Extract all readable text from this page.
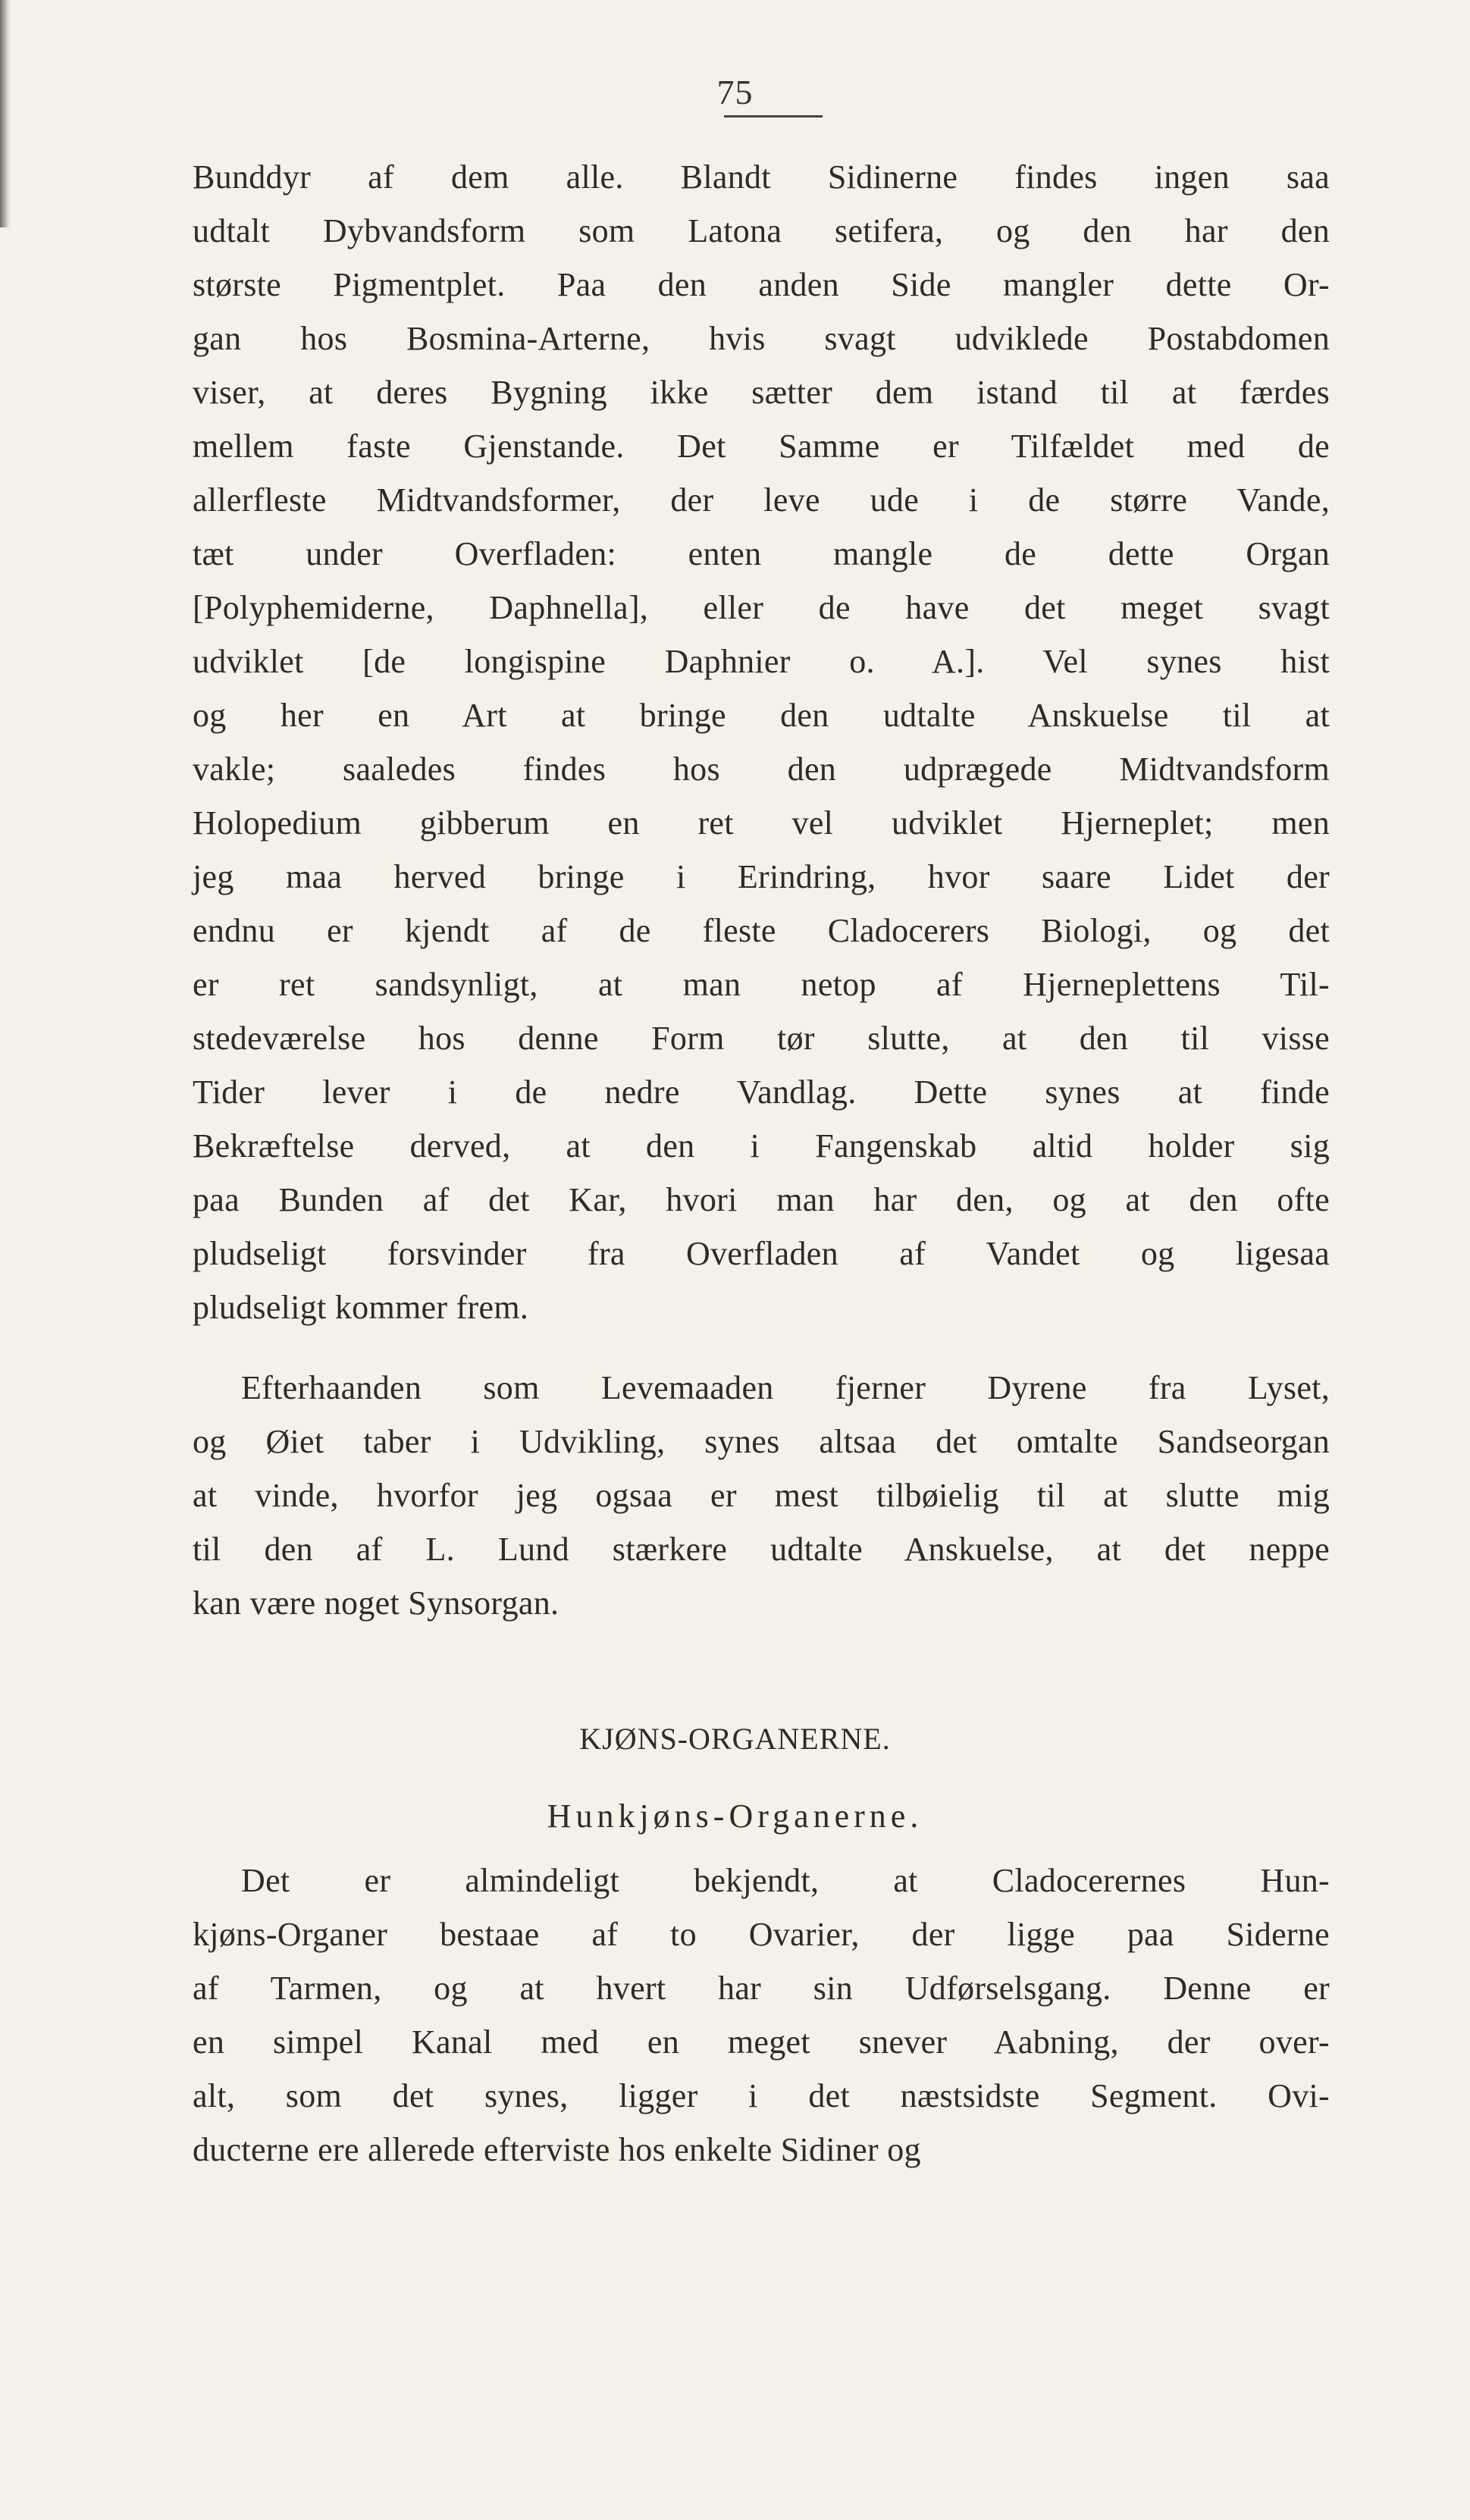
75
Bunddyr af dem alle. Blandt Sidinerne findes ingen saa
udtalt Dybvandsform som Latona setifera, og den har den
største Pigmentplet. Paa den anden Side mangler dette Or-
gan hos Bosmina-Arterne, hvis svagt udviklede Postabdomen
viser, at deres Bygning ikke sætter dem istand til at færdes
mellem faste Gjenstande. Det Samme er Tilfældet med de
allerfleste Midtvandsformer, der leve ude i de større Vande,
tæt under Overfladen: enten mangle de dette Organ
[Polyphemiderne, Daphnella], eller de have det meget svagt
udviklet [de longispine Daphnier o. A.]. Vel synes hist
og her en Art at bringe den udtalte Anskuelse til at
vakle; saaledes findes hos den udprægede Midtvandsform
Holopedium gibberum en ret vel udviklet Hjerneplet; men
jeg maa herved bringe i Erindring, hvor saare Lidet der
endnu er kjendt af de fleste Cladocerers Biologi, og det
er ret sandsynligt, at man netop af Hjerneplettens Til-
stedeværelse hos denne Form tør slutte, at den til visse
Tider lever i de nedre Vandlag. Dette synes at finde
Bekræftelse derved, at den i Fangenskab altid holder sig
paa Bunden af det Kar, hvori man har den, og at den ofte
pludseligt forsvinder fra Overfladen af Vandet og ligesaa
pludseligt kommer frem.
Efterhaanden som Levemaaden fjerner Dyrene fra Lyset,
og Øiet taber i Udvikling, synes altsaa det omtalte Sandseorgan
at vinde, hvorfor jeg ogsaa er mest tilbøielig til at slutte mig
til den af L. Lund stærkere udtalte Anskuelse, at det neppe
kan være noget Synsorgan.
KJØNS-ORGANERNE.
Hunkjøns-Organerne.
Det er almindeligt bekjendt, at Cladocerernes Hun-
kjøns-Organer bestaae af to Ovarier, der ligge paa Siderne
af Tarmen, og at hvert har sin Udførselsgang. Denne er
en simpel Kanal med en meget snever Aabning, der over-
alt, som det synes, ligger i det næstsidste Segment. Ovi-
ducterne ere allerede efterviste hos enkelte Sidiner og
